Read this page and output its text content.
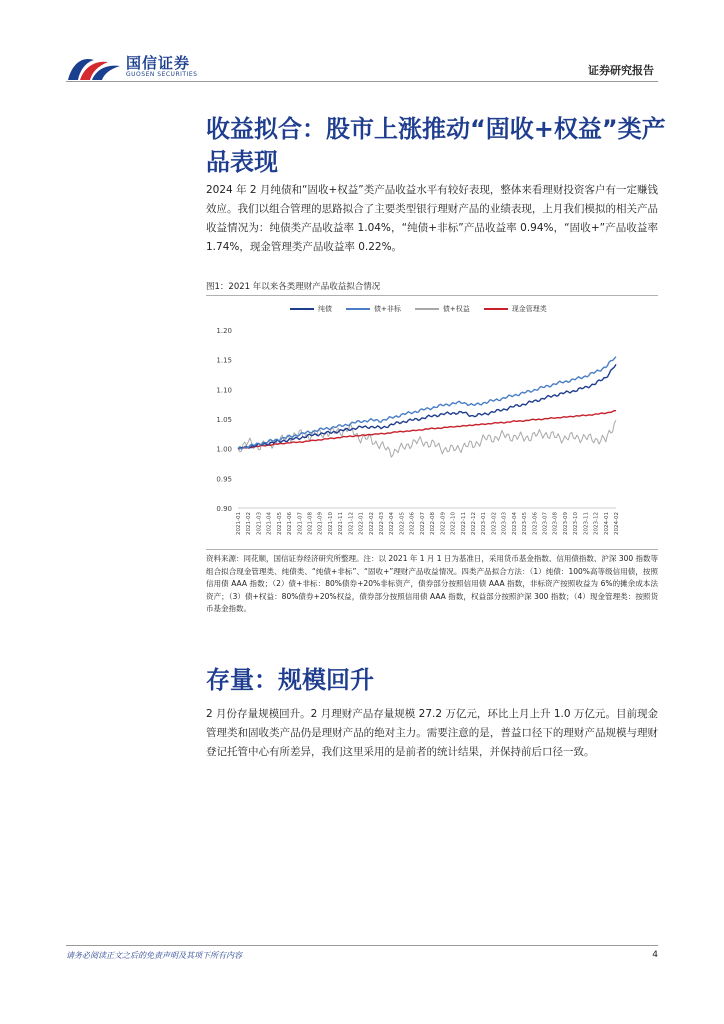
国信证券
GUOSEN SECURITIES	证券研究报告
收益拟合：股市上涨推动“固收+权益”类产
品表现
2024 年 2 月纯债和“固收+权益”类产品收益水平有较好表现，整体来看理财投资客户有一定赚钱效应。我们以组合管理的思路拟合了主要类型银行理财产品的业绩表现，上月我们模拟的相关产品收益情况为：纯债类产品收益率 1.04%，“纯债+非标”产品收益率 0.94%，“固收+”产品收益率 1.74%，现金管理类产品收益率 0.22%。
图1：2021 年以来各类理财产品收益拟合情况
纯债	债+非标	债+权益	现金管理类
1.20
1.15
1.10
1.05
1.00
0.95
0.90
2021-01 2021-02 2021-03 2021-04 2021-05 2021-06 2021-07 2021-08 2021-09 2021-10 2021-11 2021-12 2022-01 2022-02 2022-03 2022-04 2022-05 2022-06 2022-07 2022-08 2022-09 2022-10 2022-11 2022-12 2023-01 2023-02 2023-03 2023-04 2023-05 2023-06 2023-07 2023-08 2023-09 2023-10 2023-11 2023-12 2024-01 2024-02
资料来源：同花顺，国信证券经济研究所整理。注：以 2021 年 1 月 1 日为基准日，采用货币基金指数、信用债指数、沪深 300 指数等组合拟合现金管理类、纯债类、“纯债+非标”、“固收+”理财产品收益情况。四类产品拟合方法：（1）纯债：100%高等级信用债，按照信用债 AAA 指数；（2）债+非标：80%债券+20%非标资产，债券部分按照信用债 AAA 指数，非标资产按照收益为 6%的摊余成本法资产；（3）债+权益：80%债券+20%权益，债券部分按照信用债 AAA 指数，权益部分按照沪深 300 指数；（4）现金管理类：按照货币基金指数。
存量：规模回升
2 月份存量规模回升。2 月理财产品存量规模 27.2 万亿元，环比上月上升 1.0 万亿元。目前现金管理类和固收类产品仍是理财产品的绝对主力。需要注意的是，普益口径下的理财产品规模与理财登记托管中心有所差异，我们这里采用的是前者的统计结果，并保持前后口径一致。
请务必阅读正文之后的免责声明及其项下所有内容	4
